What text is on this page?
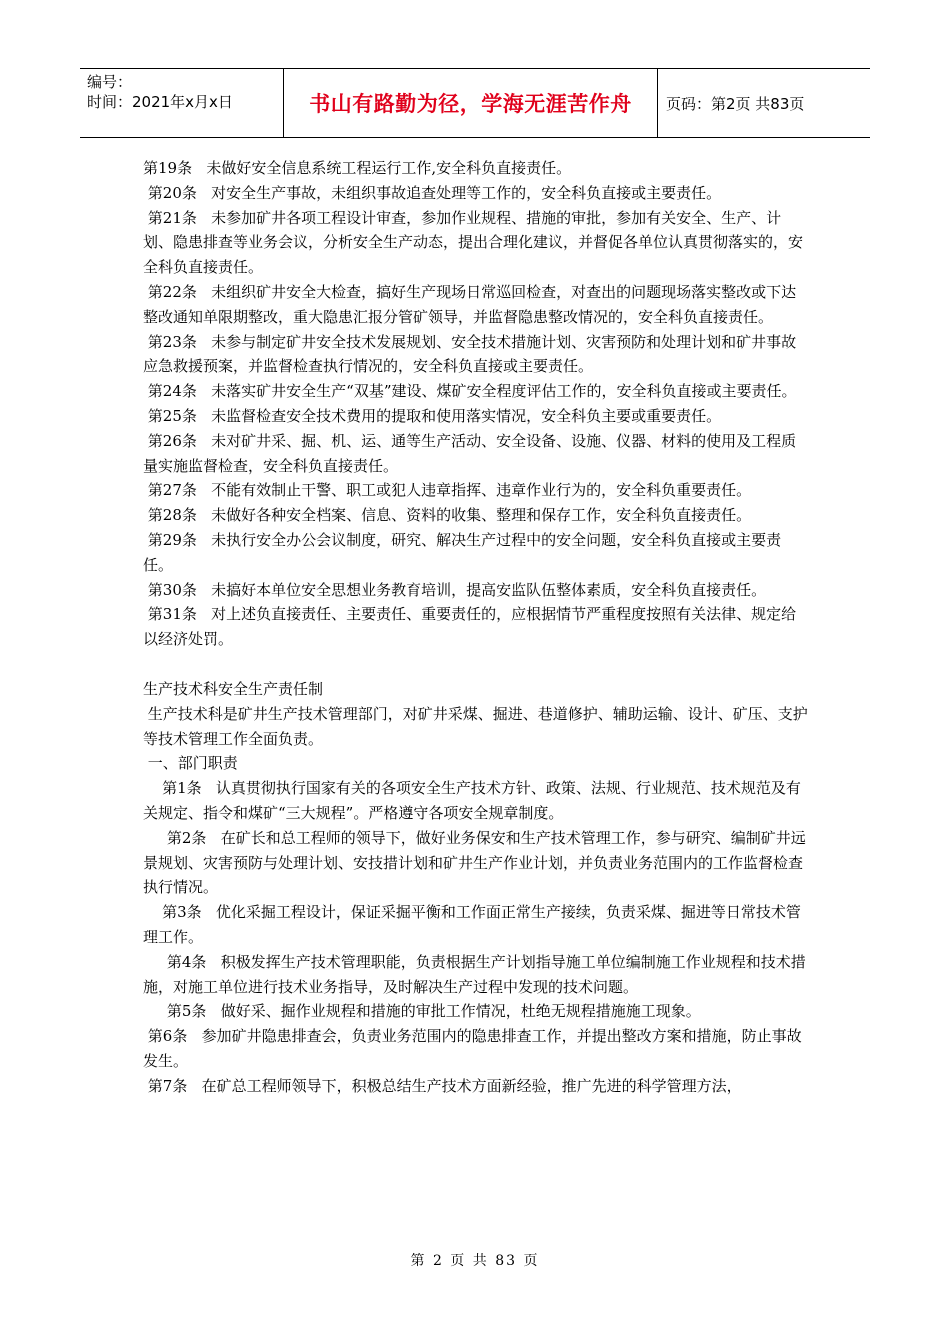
编号：
时间：2021年x月x日	书山有路勤为径，学海无涯苦作舟	页码：第2页 共83页

第19条   未做好安全信息系统工程运行工作,安全科负直接责任。

第20条   对安全生产事故，未组织事故追查处理等工作的，安全科负直接或主要责任。

第21条   未参加矿井各项工程设计审查，参加作业规程、措施的审批，参加有关安全、生产、计划、隐患排查等业务会议，分析安全生产动态，提出合理化建议，并督促各单位认真贯彻落实的，安全科负直接责任。

第22条   未组织矿井安全大检查，搞好生产现场日常巡回检查，对查出的问题现场落实整改或下达整改通知单限期整改，重大隐患汇报分管矿领导，并监督隐患整改情况的，安全科负直接责任。

第23条   未参与制定矿井安全技术发展规划、安全技术措施计划、灾害预防和处理计划和矿井事故应急救援预案，并监督检查执行情况的，安全科负直接或主要责任。

第24条   未落实矿井安全生产“双基”建设、煤矿安全程度评估工作的，安全科负直接或主要责任。

第25条   未监督检查安全技术费用的提取和使用落实情况，安全科负主要或重要责任。

第26条   未对矿井采、掘、机、运、通等生产活动、安全设备、设施、仪器、材料的使用及工程质量实施监督检查，安全科负直接责任。

第27条   不能有效制止干警、职工或犯人违章指挥、违章作业行为的，安全科负重要责任。

第28条   未做好各种安全档案、信息、资料的收集、整理和保存工作，安全科负直接责任。

第29条   未执行安全办公会议制度，研究、解决生产过程中的安全问题，安全科负直接或主要责任。

第30条   未搞好本单位安全思想业务教育培训，提高安监队伍整体素质，安全科负直接责任。

第31条   对上述负直接责任、主要责任、重要责任的，应根据情节严重程度按照有关法律、规定给以经济处罚。

生产技术科安全生产责任制

生产技术科是矿井生产技术管理部门，对矿井采煤、掘进、巷道修护、辅助运输、设计、矿压、支护等技术管理工作全面负责。

一、部门职责

第1条   认真贯彻执行国家有关的各项安全生产技术方针、政策、法规、行业规范、技术规范及有关规定、指令和煤矿“三大规程”。严格遵守各项安全规章制度。

第2条   在矿长和总工程师的领导下，做好业务保安和生产技术管理工作，参与研究、编制矿井远景规划、灾害预防与处理计划、安技措计划和矿井生产作业计划，并负责业务范围内的工作监督检查执行情况。

第3条   优化采掘工程设计，保证采掘平衡和工作面正常生产接续，负责采煤、掘进等日常技术管理工作。

第4条   积极发挥生产技术管理职能，负责根据生产计划指导施工单位编制施工作业规程和技术措施，对施工单位进行技术业务指导，及时解决生产过程中发现的技术问题。

第5条   做好采、掘作业规程和措施的审批工作情况，杜绝无规程措施施工现象。

第6条   参加矿井隐患排查会，负责业务范围内的隐患排查工作，并提出整改方案和措施，防止事故发生。

第7条   在矿总工程师领导下，积极总结生产技术方面新经验，推广先进的科学管理方法，

第 2 页 共 83 页
